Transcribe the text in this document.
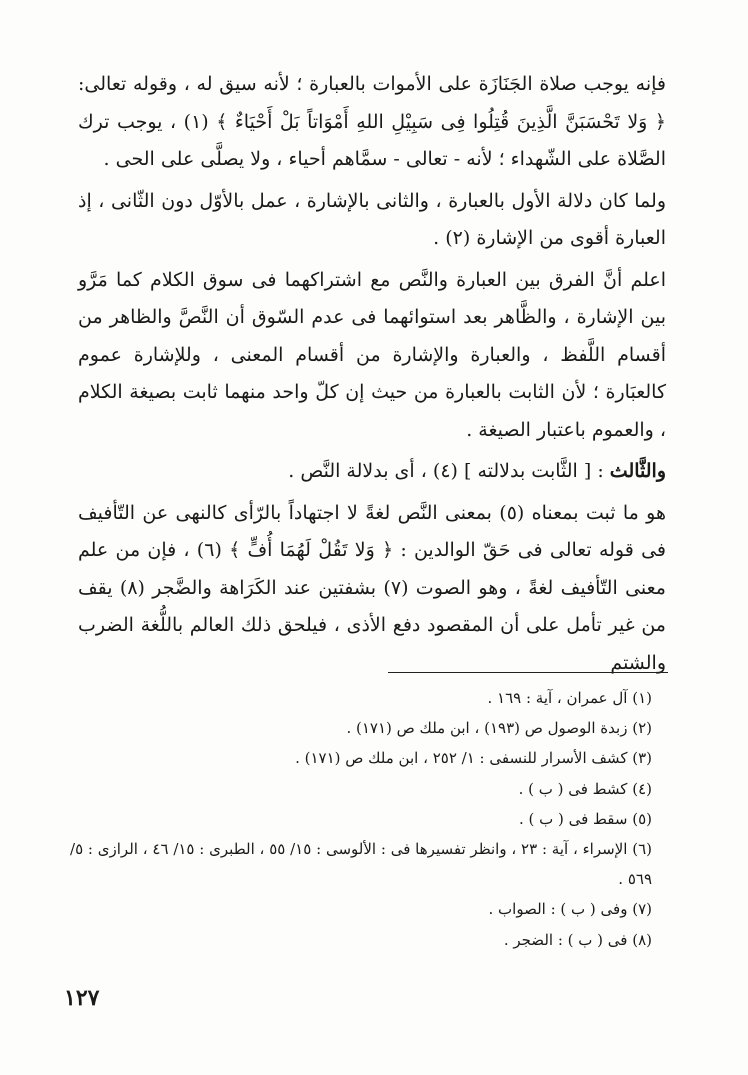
فإنه يوجب صلاة الجَنَازَة على الأموات بالعبارة ؛ لأنه سيق له ، وقوله تعالى: ﴿ وَلا تَحْسَبَنَّ الَّذِينَ قُتِلُوا فِى سَبِيْلِ اللهِ أَمْوَاتاً بَلْ أَحْيَاءٌ ﴾ (١) ، يوجب ترك الصَّلاة على الشّهداء ؛ لأنه - تعالى - سمَّاهم أحياء ، ولا يصلَّى على الحى .

ولما كان دلالة الأول بالعبارة ، والثانى بالإشارة ، عمل بالأوّل دون الثّانى ، إذ العبارة أقوى من الإشارة (٢) .

اعلم أنَّ الفرق بين العبارة والنَّص مع اشتراكهما فى سوق الكلام كما مَرَّو بين الإشارة ، والظَّاهر بعد استوائهما فى عدم السّوق أن النَّصَّ والظاهر من أقسام اللَّفظ ، والعبارة والإشارة من أقسام المعنى ، وللإشارة عموم كالعبَارة ؛ لأن الثابت بالعبارة من حيث إن كلّ واحد منهما ثابت بصيغة الكلام ، والعموم باعتبار الصيغة .

والثَّالث : [ الثَّابت بدلالته ] (٤) ، أى بدلالة النَّص .

هو ما ثبت بمعناه (٥) بمعنى النَّص لغةً لا اجتهاداً بالرّأى كالنهى عن التّأفيف فى قوله تعالى فى حَقّ الوالدين : ﴿ وَلا تَقُلْ لَهُمَا أُفٍّ ﴾ (٦) ، فإن من علم معنى التّأفيف لغةً ، وهو الصوت (٧) بشفتين عند الكَرَاهة والضَّجر (٨) يقف من غير تأمل على أن المقصود دفع الأذى ، فيلحق ذلك العالم باللُّغة الضرب والشتم

(١) آل عمران ، آية : ١٦٩ .
(٢) زبدة الوصول ص (١٩٣) ، ابن ملك ص (١٧١) .
(٣) كشف الأسرار للنسفى : ١/ ٢٥٢ ، ابن ملك ص (١٧١) .
(٤) كشط فى ( ب ) .
(٥) سقط فى ( ب ) .
(٦) الإسراء ، آية : ٢٣ ، وانظر تفسيرها فى : الألوسى : ١٥/ ٥٥ ، الطبرى : ١٥/ ٤٦ ، الرازى : ٥/ ٥٦٩ .
(٧) وفى ( ب ) : الصواب .
(٨) فى ( ب ) : الضجر .
١٢٧
